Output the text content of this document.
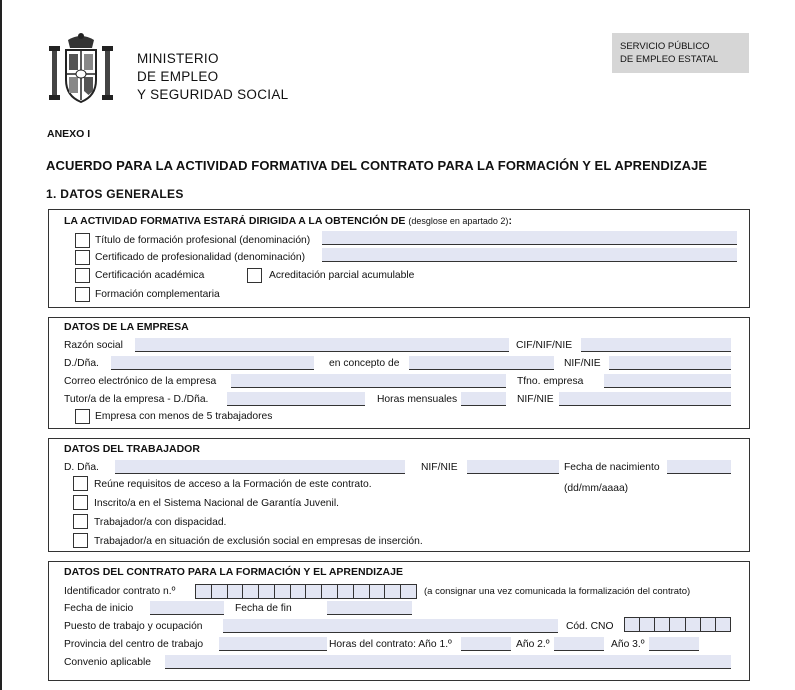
MINISTERIO
DE EMPLEO
Y SEGURIDAD SOCIAL
SERVICIO PÚBLICO
DE EMPLEO ESTATAL
ANEXO I
ACUERDO PARA LA ACTIVIDAD FORMATIVA DEL CONTRATO PARA LA FORMACIÓN Y EL APRENDIZAJE
1. DATOS GENERALES
LA ACTIVIDAD FORMATIVA ESTARÁ DIRIGIDA A LA OBTENCIÓN DE (desglose en apartado 2):
Título de formación profesional (denominación)
Certificado de profesionalidad (denominación)
Certificación académica	Acreditación parcial acumulable
Formación complementaria
DATOS DE LA EMPRESA
Razón social	CIF/NIF/NIE
D./Dña.	en concepto de	NIF/NIE
Correo electrónico de la empresa	Tfno. empresa
Tutor/a de la empresa - D./Dña.	Horas mensuales	NIF/NIE
Empresa con menos de 5 trabajadores
DATOS DEL TRABAJADOR
D. Dña.	NIF/NIE	Fecha de nacimiento
(dd/mm/aaaa)
Reúne requisitos de acceso a la Formación de este contrato.
Inscrito/a en el Sistema Nacional de Garantía Juvenil.
Trabajador/a con dispacidad.
Trabajador/a en situación de exclusión social en empresas de inserción.
DATOS DEL CONTRATO PARA LA FORMACIÓN Y EL APRENDIZAJE
Identificador contrato n.º	(a consignar una vez comunicada la formalización del contrato)
Fecha de inicio	Fecha de fin
Puesto de trabajo y ocupación	Cód. CNO
Provincia del centro de trabajo	Horas del contrato: Año 1.º	Año 2.º	Año 3.º
Convenio aplicable
